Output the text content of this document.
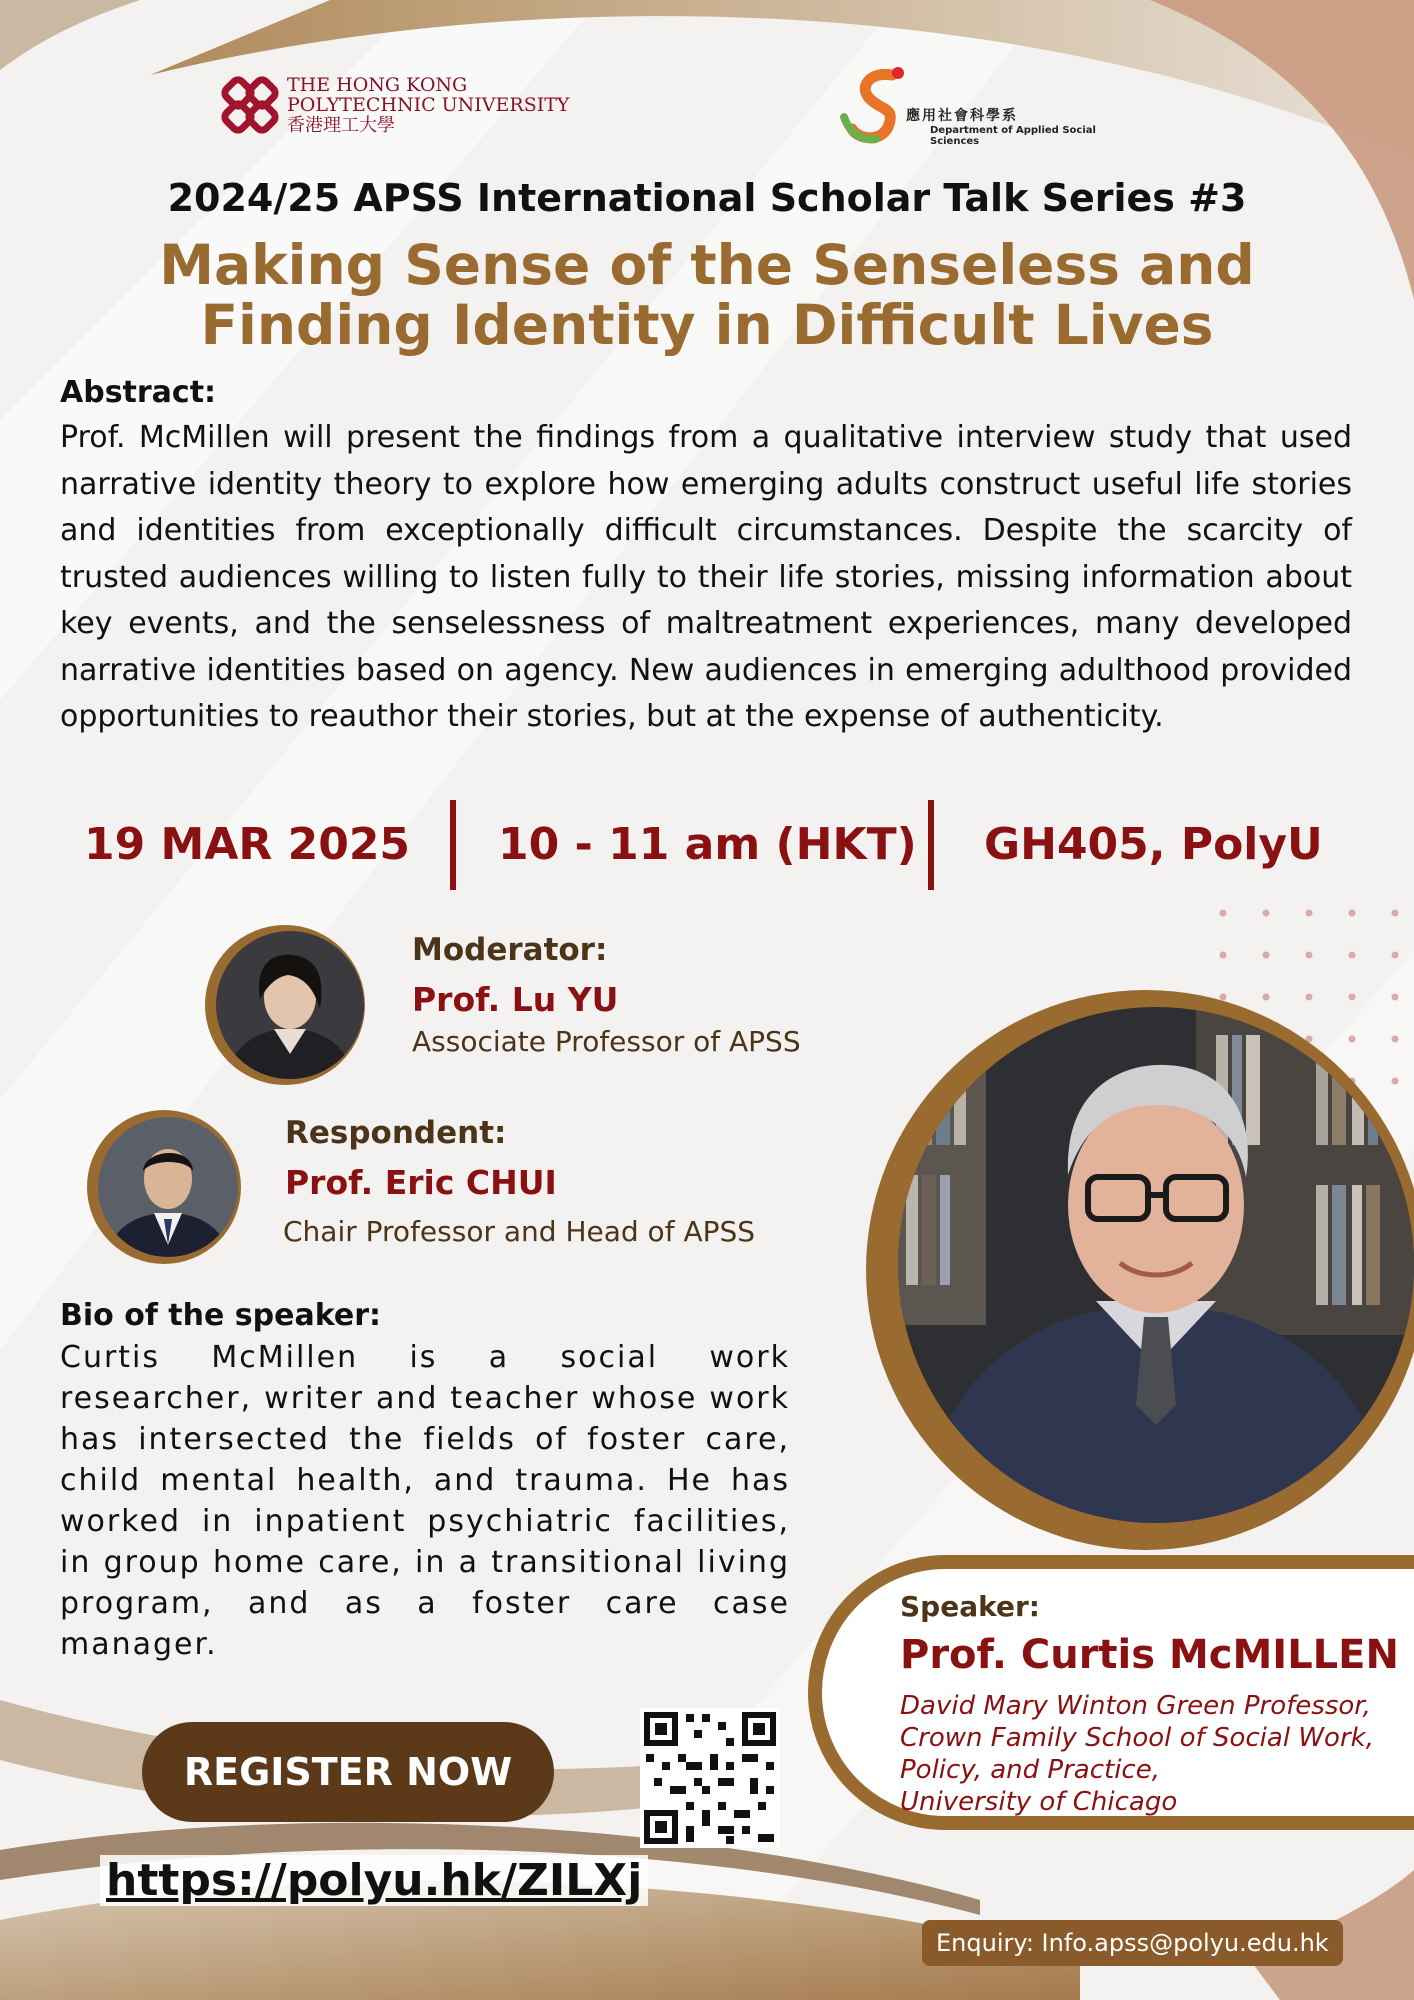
THE HONG KONG
POLYTECHNIC UNIVERSITY
香港理工大學	應用社會科學系
Department of Applied Social Sciences
2024/25 APSS International Scholar Talk Series #3
Making Sense of the Senseless and
Finding Identity in Difficult Lives
Abstract:
Prof. McMillen will present the findings from a qualitative interview study that used narrative identity theory to explore how emerging adults construct useful life stories and identities from exceptionally difficult circumstances. Despite the scarcity of trusted audiences willing to listen fully to their life stories, missing information about key events, and the senselessness of maltreatment experiences, many developed narrative identities based on agency. New audiences in emerging adulthood provided opportunities to reauthor their stories, but at the expense of authenticity.
19 MAR 2025 10 - 11 am (HKT) GH405, PolyU
Moderator:
Prof. Lu YU
Associate Professor of APSS
Respondent:
Prof. Eric CHUI
Chair Professor and Head of APSS
Bio of the speaker:
Curtis McMillen is a social work researcher, writer and teacher whose work has intersected the fields of foster care, child mental health, and trauma. He has worked in inpatient psychiatric facilities, in group home care, in a transitional living program, and as a foster care case manager.
Speaker:
Prof. Curtis McMILLEN
David Mary Winton Green Professor,
Crown Family School of Social Work,
Policy, and Practice,
University of Chicago
REGISTER NOW
https://polyu.hk/ZILXj
Enquiry: Info.apss@polyu.edu.hk
